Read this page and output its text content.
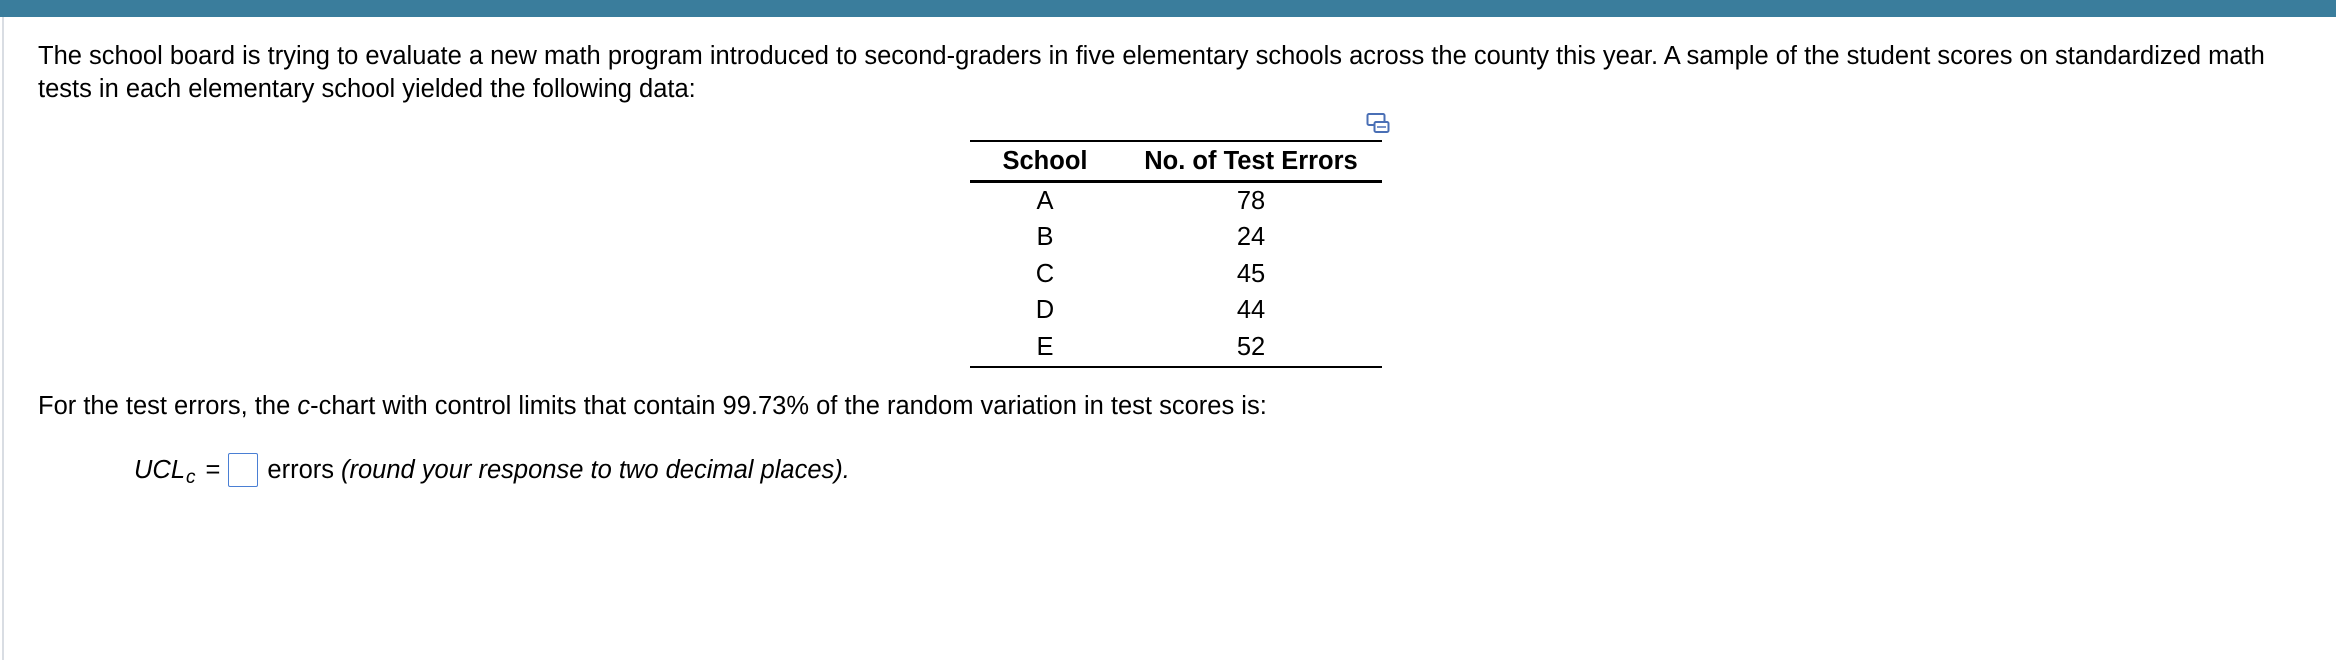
The school board is trying to evaluate a new math program introduced to second-graders in five elementary schools across the county this year. A sample of the student scores on standardized math tests in each elementary school yielded the following data:

School	No. of Test Errors
A	78
B	24
C	45
D	44
E	52

For the test errors, the c-chart with control limits that contain 99.73% of the random variation in test scores is:

UCL c = errors (round your response to two decimal places).
